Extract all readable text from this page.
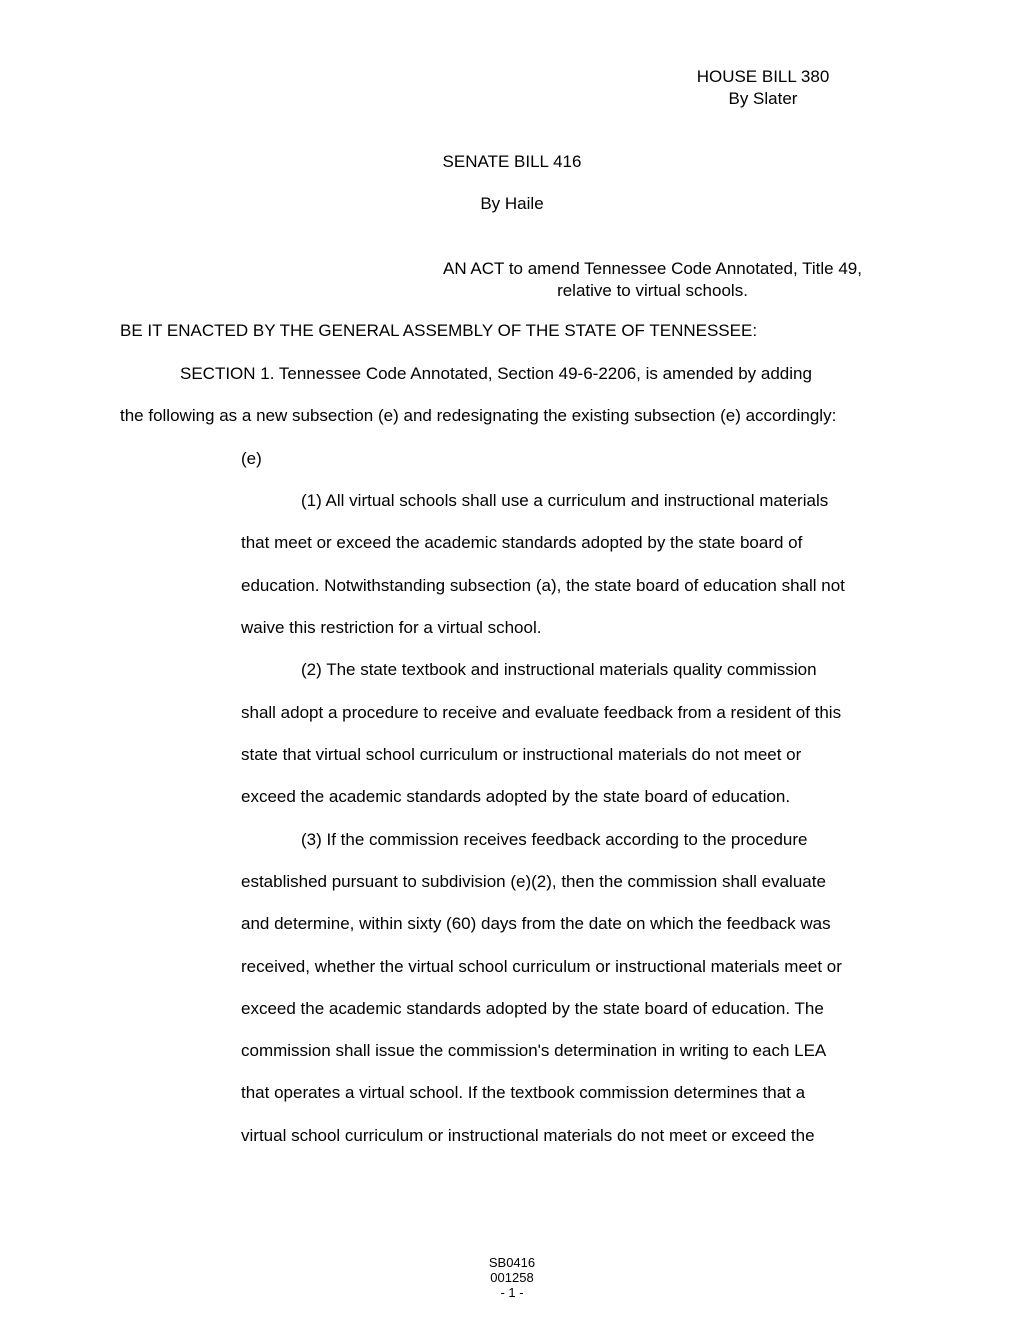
HOUSE BILL 380
By Slater
SENATE BILL 416
By Haile
AN ACT to amend Tennessee Code Annotated, Title 49,
relative to virtual schools.
BE IT ENACTED BY THE GENERAL ASSEMBLY OF THE STATE OF TENNESSEE:
SECTION 1. Tennessee Code Annotated, Section 49-6-2206, is amended by adding
the following as a new subsection (e) and redesignating the existing subsection (e) accordingly:
(e)
(1) All virtual schools shall use a curriculum and instructional materials
that meet or exceed the academic standards adopted by the state board of
education. Notwithstanding subsection (a), the state board of education shall not
waive this restriction for a virtual school.
(2) The state textbook and instructional materials quality commission
shall adopt a procedure to receive and evaluate feedback from a resident of this
state that virtual school curriculum or instructional materials do not meet or
exceed the academic standards adopted by the state board of education.
(3) If the commission receives feedback according to the procedure
established pursuant to subdivision (e)(2), then the commission shall evaluate
and determine, within sixty (60) days from the date on which the feedback was
received, whether the virtual school curriculum or instructional materials meet or
exceed the academic standards adopted by the state board of education. The
commission shall issue the commission's determination in writing to each LEA
that operates a virtual school. If the textbook commission determines that a
virtual school curriculum or instructional materials do not meet or exceed the
SB0416
001258
- 1 -
